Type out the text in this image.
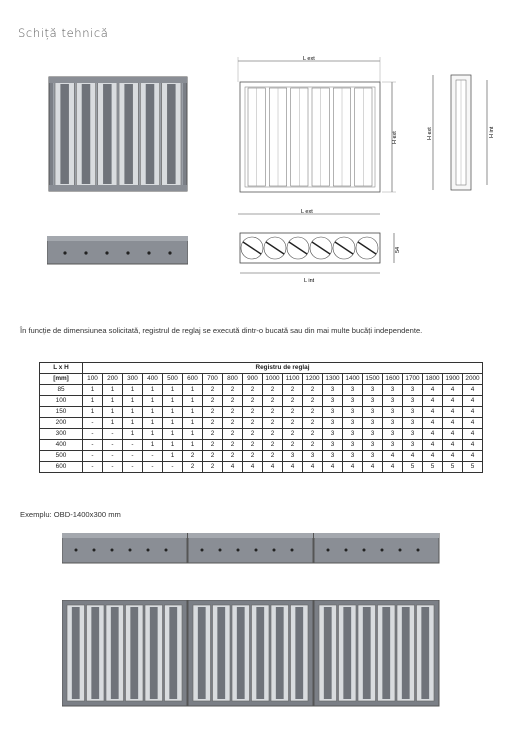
Schiță tehnică
L ext
H ext	H ext	H int
L ext
54
L int
În funcție de dimensiunea solicitată, registrul de reglaj se execută dintr-o bucată sau din mai multe bucăți independente.
L x H	Registru de reglaj																			
[mm]	100	200	300	400	500	600	700	800	900	1000	1100	1200	1300	1400	1500	1600	1700	1800	1900	2000
85	1	1	1	1	1	1	2	2	2	2	2	2	3	3	3	3	3	4	4	4
100	1	1	1	1	1	1	2	2	2	2	2	2	3	3	3	3	3	4	4	4
150	1	1	1	1	1	1	2	2	2	2	2	2	3	3	3	3	3	4	4	4
200	-	1	1	1	1	1	2	2	2	2	2	2	3	3	3	3	3	4	4	4
300	-	-	1	1	1	1	2	2	2	2	2	2	3	3	3	3	3	4	4	4
400	-	-	-	1	1	1	2	2	2	2	2	2	3	3	3	3	3	4	4	4
500	-	-	-	-	1	2	2	2	2	2	3	3	3	3	3	4	4	4	4	4
600	-	-	-	-	-	2	2	4	4	4	4	4	4	4	4	4	5	5	5	5
Exemplu: OBD-1400x300 mm
